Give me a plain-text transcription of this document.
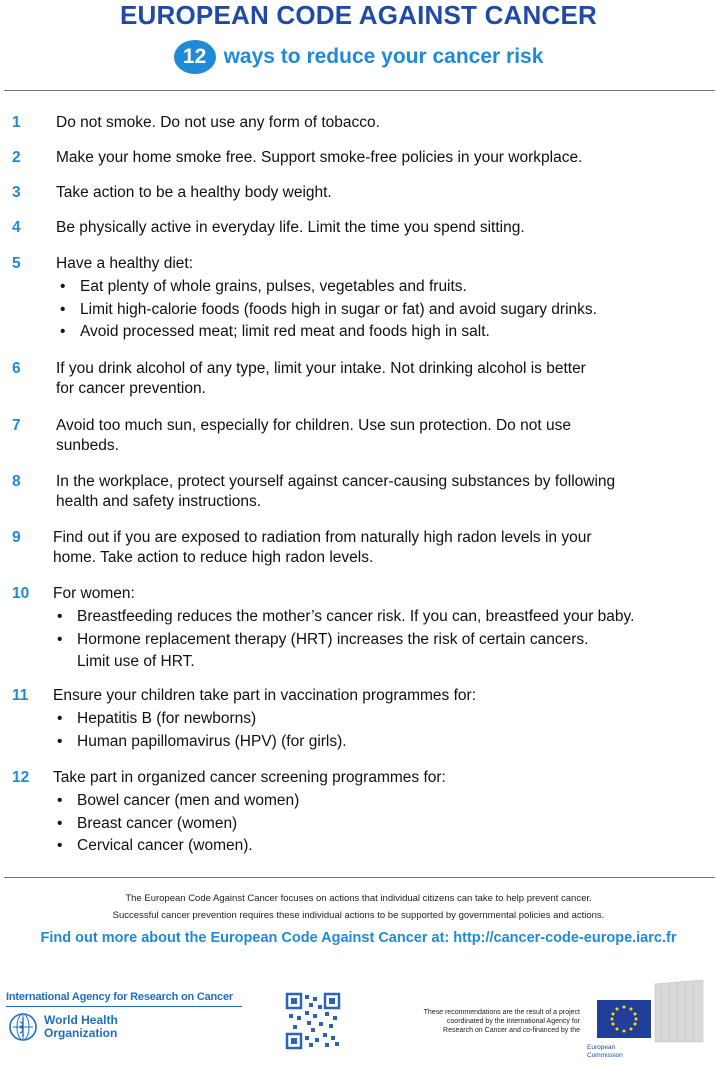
EUROPEAN CODE AGAINST CANCER
12 ways to reduce your cancer risk
1 Do not smoke. Do not use any form of tobacco.
2 Make your home smoke free. Support smoke-free policies in your workplace.
3 Take action to be a healthy body weight.
4 Be physically active in everyday life. Limit the time you spend sitting.
5 Have a healthy diet:
• Eat plenty of whole grains, pulses, vegetables and fruits.
• Limit high-calorie foods (foods high in sugar or fat) and avoid sugary drinks.
• Avoid processed meat; limit red meat and foods high in salt.
6 If you drink alcohol of any type, limit your intake. Not drinking alcohol is better
for cancer prevention.
7 Avoid too much sun, especially for children. Use sun protection. Do not use
sunbeds.
8 In the workplace, protect yourself against cancer-causing substances by following
health and safety instructions.
9 Find out if you are exposed to radiation from naturally high radon levels in your
home. Take action to reduce high radon levels.
10 For women:
• Breastfeeding reduces the mother’s cancer risk. If you can, breastfeed your baby.
• Hormone replacement therapy (HRT) increases the risk of certain cancers.
Limit use of HRT.
11 Ensure your children take part in vaccination programmes for:
• Hepatitis B (for newborns)
• Human papillomavirus (HPV) (for girls).
12 Take part in organized cancer screening programmes for:
• Bowel cancer (men and women)
• Breast cancer (women)
• Cervical cancer (women).
The European Code Against Cancer focuses on actions that individual citizens can take to help prevent cancer.
Successful cancer prevention requires these individual actions to be supported by governmental policies and actions.
Find out more about the European Code Against Cancer at: http://cancer-code-europe.iarc.fr
International Agency for Research on Cancer
World Health
Organization
These recommendations are the result of a project
coordinated by the International Agency for
Research on Cancer and co-financed by the
European
Commission
